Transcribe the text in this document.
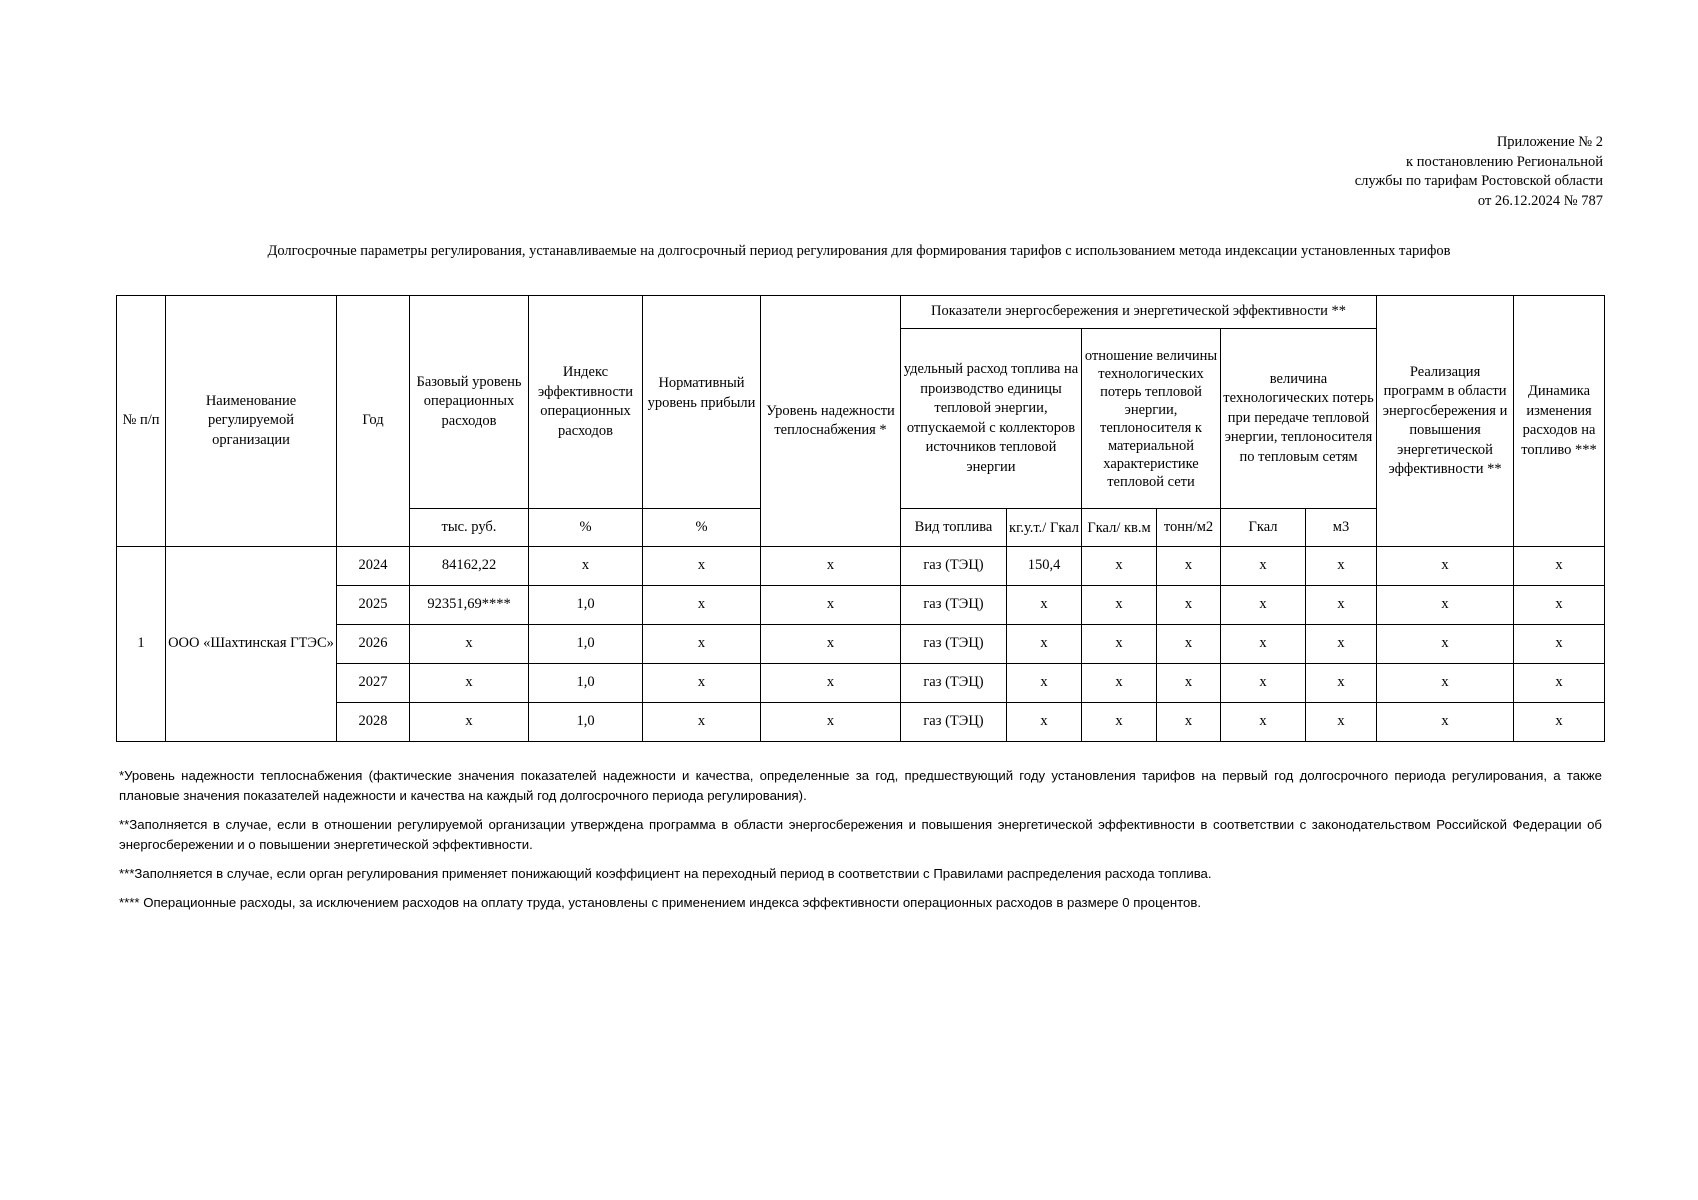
Приложение № 2
к постановлению Региональной
службы по тарифам Ростовской области
от 26.12.2024 № 787
Долгосрочные параметры регулирования, устанавливаемые на долгосрочный период регулирования для формирования тарифов с использованием метода индексации установленных тарифов
№ п/п	Наименование регулируемой организации	Год	Базовый уровень операционных расходов	Индекс эффективности операционных расходов	Нормативный уровень прибыли	Уровень надежности теплоснабжения *	Показатели энергосбережения и энергетической эффективности **						Реализация программ в области энергосбережения и повышения энергетической эффективности **	Динамика изменения расходов на топливо ***
							удельный расход топлива на производство единицы тепловой энергии, отпускаемой с коллекторов источников тепловой энергии		отношение величины технологических потерь тепловой энергии, теплоносителя к материальной характеристике тепловой сети		величина технологических потерь при передаче тепловой энергии, теплоносителя по тепловым сетям			
			тыс. руб.	%	%		Вид топлива	кг.у.т./ Гкал	Гкал/ кв.м	тонн/м2	Гкал	м3		
1	ООО «Шахтинская ГТЭС»	2024	84162,22	х	х	х	газ (ТЭЦ)	150,4	х	х	х	х	х	х
		2025	92351,69****	1,0	х	х	газ (ТЭЦ)	х	х	х	х	х	х	х
		2026	х	1,0	х	х	газ (ТЭЦ)	х	х	х	х	х	х	х
		2027	х	1,0	х	х	газ (ТЭЦ)	х	х	х	х	х	х	х
		2028	х	1,0	х	х	газ (ТЭЦ)	х	х	х	х	х	х	х

*Уровень надежности теплоснабжения (фактические значения показателей надежности и качества, определенные за год, предшествующий году установления тарифов на первый год долгосрочного периода регулирования, а также плановые значения показателей надежности и качества на каждый год долгосрочного периода регулирования).

**Заполняется в случае, если в отношении регулируемой организации утверждена программа в области энергосбережения и повышения энергетической эффективности в соответствии с законодательством Российской Федерации об энергосбережении и о повышении энергетической эффективности.

***Заполняется в случае, если орган регулирования применяет понижающий коэффициент на переходный период в соответствии с Правилами распределения расхода топлива.

**** Операционные расходы, за исключением расходов на оплату труда, установлены с применением индекса эффективности операционных расходов в размере 0 процентов.
